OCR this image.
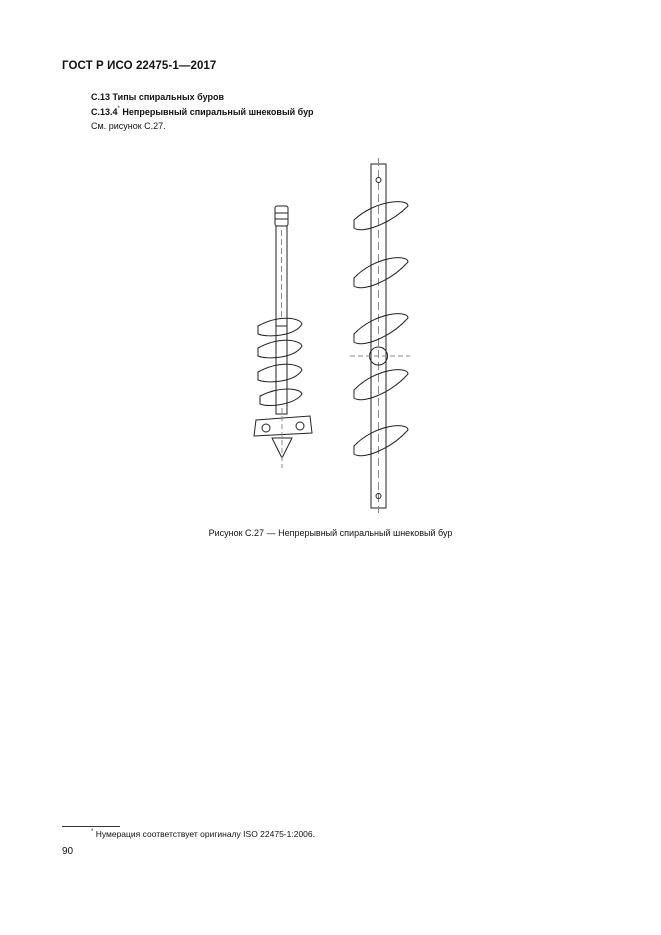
ГОСТ Р ИСО 22475-1—2017
С.13 Типы спиральных буров
С.13.4* Непрерывный спиральный шнековый бур
См. рисунок С.27.
Рисунок С.27 — Непрерывный спиральный шнековый бур
* Нумерация соответствует оригиналу ISO 22475-1:2006.
90
